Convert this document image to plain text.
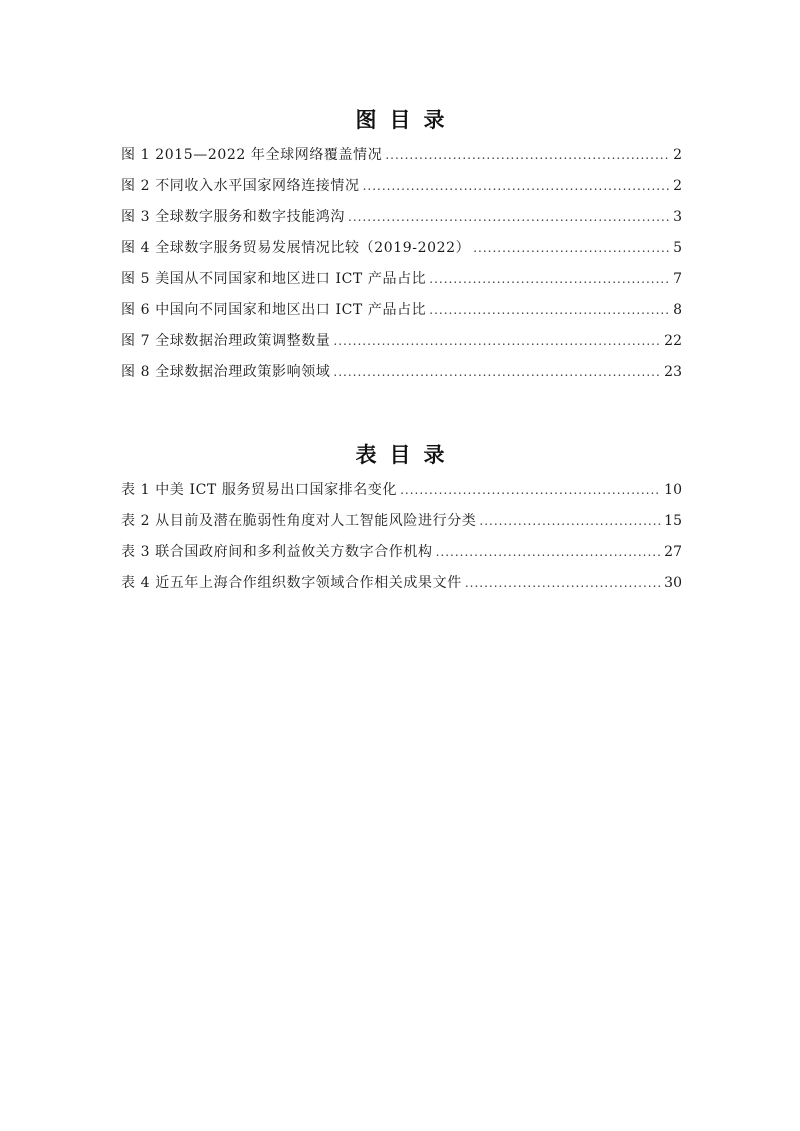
图目录
图 1 2015—2022 年全球网络覆盖情况 .....	2
图 2 不同收入水平国家网络连接情况 .....	2
图 3 全球数字服务和数字技能鸿沟 .....	3
图 4 全球数字服务贸易发展情况比较（2019-2022） .....	5
图 5 美国从不同国家和地区进口 ICT 产品占比 .....	7
图 6 中国向不同国家和地区出口 ICT 产品占比 .....	8
图 7 全球数据治理政策调整数量 .....	22
图 8 全球数据治理政策影响领域 .....	23
表目录
表 1 中美 ICT 服务贸易出口国家排名变化 .....	10
表 2 从目前及潜在脆弱性角度对人工智能风险进行分类 .....	15
表 3 联合国政府间和多利益攸关方数字合作机构 .....	27
表 4 近五年上海合作组织数字领域合作相关成果文件 .....	30
